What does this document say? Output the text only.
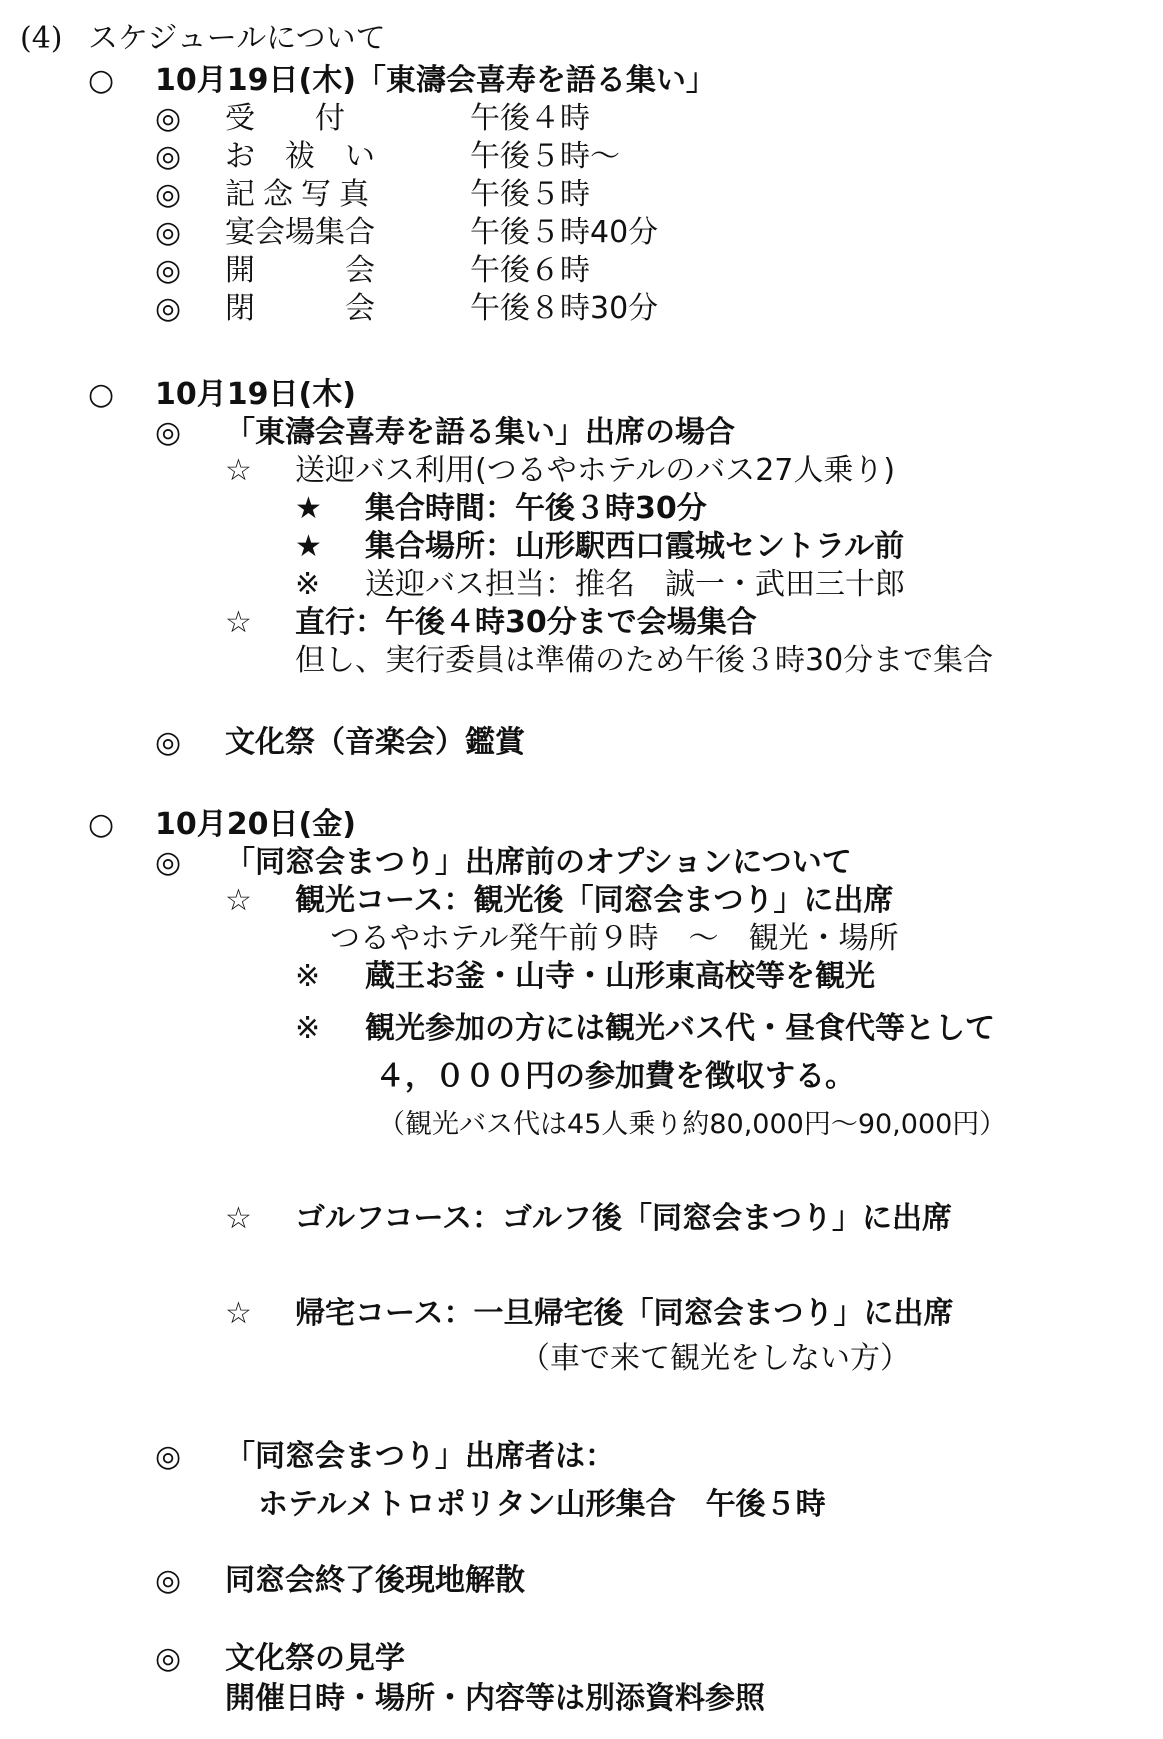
(4) スケジュールについて
○ 10月19日(木)「東濤会喜寿を語る集い」
◎ 受　　付	午後４時
◎ お　祓　い	午後５時～
◎ 記念写真	午後５時
◎ 宴会場集合	午後５時40分
◎ 開　　　会	午後６時
◎ 閉　　　会	午後８時30分
○ 10月19日(木)
◎ 「東濤会喜寿を語る集い」出席の場合
☆ 送迎バス利用(つるやホテルのバス27人乗り)
★ 集合時間：午後３時30分
★ 集合場所：山形駅西口霞城セントラル前
※ 送迎バス担当：推名　誠一・武田三十郎
☆ 直行：午後４時30分まで会場集合
但し、実行委員は準備のため午後３時30分まで集合
◎ 文化祭（音楽会）鑑賞
○ 10月20日(金)
◎ 「同窓会まつり」出席前のオプションについて
☆ 観光コース：観光後「同窓会まつり」に出席
つるやホテル発午前９時　～　観光・場所
※ 蔵王お釜・山寺・山形東高校等を観光
※ 観光参加の方には観光バス代・昼食代等として
４，０００円の参加費を徴収する。
（観光バス代は45人乗り約80,000円～90,000円）
☆ ゴルフコース：ゴルフ後「同窓会まつり」に出席
☆ 帰宅コース：一旦帰宅後「同窓会まつり」に出席
（車で来て観光をしない方）
◎ 「同窓会まつり」出席者は：
ホテルメトロポリタン山形集合　午後５時
◎ 同窓会終了後現地解散
◎ 文化祭の見学
開催日時・場所・内容等は別添資料参照
